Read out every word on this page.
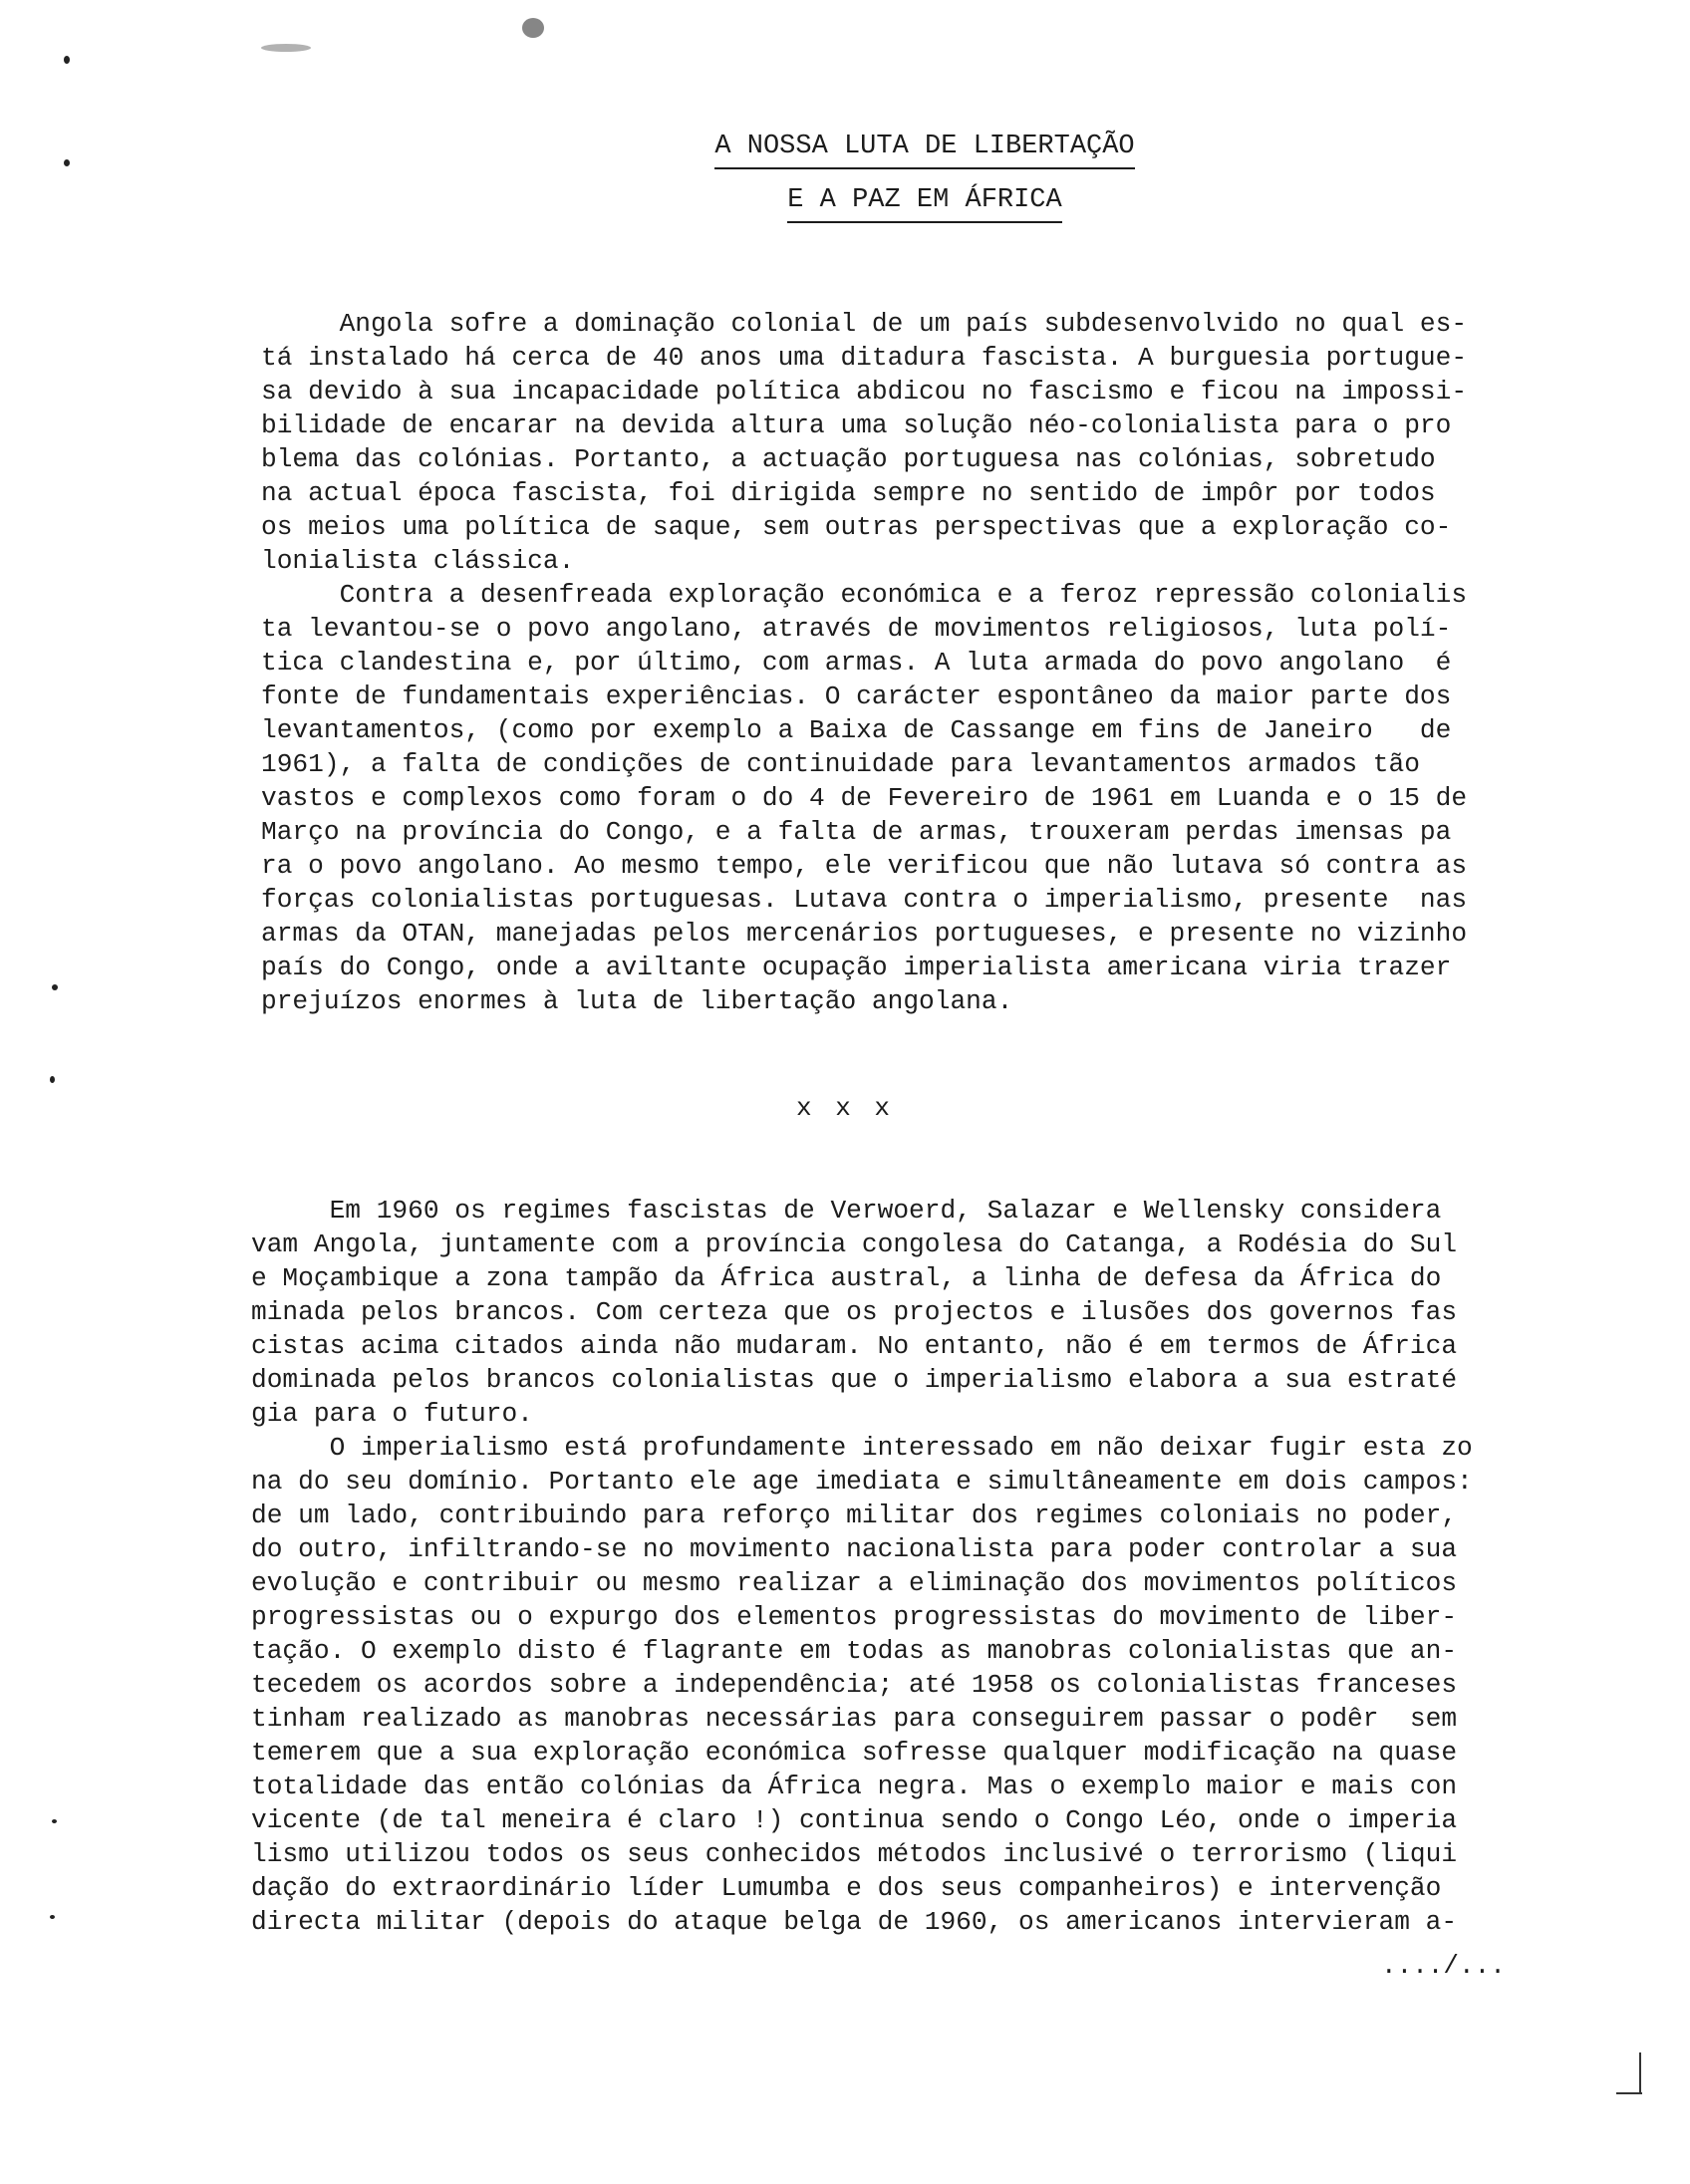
A NOSSA LUTA DE LIBERTAÇÃO
E A PAZ EM ÁFRICA
Angola sofre a dominação colonial de um país subdesenvolvido no qual es-
tá instalado há cerca de 40 anos uma ditadura fascista. A burguesia portugue-
sa devido à sua incapacidade política abdicou no fascismo e ficou na impossi-
bilidade de encarar na devida altura uma solução néo-colonialista para o pro
blema das colónias. Portanto, a actuação portuguesa nas colónias, sobretudo
na actual época fascista, foi dirigida sempre no sentido de impôr por todos
os meios uma política de saque, sem outras perspectivas que a exploração co-
lonialista clássica.
Contra a desenfreada exploração económica e a feroz repressão colonialis
ta levantou-se o povo angolano, através de movimentos religiosos, luta polí-
tica clandestina e, por último, com armas. A luta armada do povo angolano  é
fonte de fundamentais experiências. O carácter espontâneo da maior parte dos
levantamentos, (como por exemplo a Baixa de Cassange em fins de Janeiro   de
1961), a falta de condições de continuidade para levantamentos armados tão
vastos e complexos como foram o do 4 de Fevereiro de 1961 em Luanda e o 15 de
Março na província do Congo, e a falta de armas, trouxeram perdas imensas pa
ra o povo angolano. Ao mesmo tempo, ele verificou que não lutava só contra as
forças colonialistas portuguesas. Lutava contra o imperialismo, presente  nas
armas da OTAN, manejadas pelos mercenários portugueses, e presente no vizinho
país do Congo, onde a aviltante ocupação imperialista americana viria trazer
prejuízos enormes à luta de libertação angolana.
x x x
Em 1960 os regimes fascistas de Verwoerd, Salazar e Wellensky considera
vam Angola, juntamente com a província congolesa do Catanga, a Rodésia do Sul
e Moçambique a zona tampão da África austral, a linha de defesa da África do
minada pelos brancos. Com certeza que os projectos e ilusões dos governos fas
cistas acima citados ainda não mudaram. No entanto, não é em termos de África
dominada pelos brancos colonialistas que o imperialismo elabora a sua estraté
gia para o futuro.
O imperialismo está profundamente interessado em não deixar fugir esta zo
na do seu domínio. Portanto ele age imediata e simultâneamente em dois campos:
de um lado, contribuindo para reforço militar dos regimes coloniais no poder,
do outro, infiltrando-se no movimento nacionalista para poder controlar a sua
evolução e contribuir ou mesmo realizar a eliminação dos movimentos políticos
progressistas ou o expurgo dos elementos progressistas do movimento de liber-
tação. O exemplo disto é flagrante em todas as manobras colonialistas que an-
tecedem os acordos sobre a independência; até 1958 os colonialistas franceses
tinham realizado as manobras necessárias para conseguirem passar o podêr  sem
temerem que a sua exploração económica sofresse qualquer modificação na quase
totalidade das então colónias da África negra. Mas o exemplo maior e mais con
vicente (de tal meneira é claro !) continua sendo o Congo Léo, onde o imperia
lismo utilizou todos os seus conhecidos métodos inclusivé o terrorismo (liqui
dação do extraordinário líder Lumumba e dos seus companheiros) e intervenção
directa militar (depois do ataque belga de 1960, os americanos intervieram a-
..../...
